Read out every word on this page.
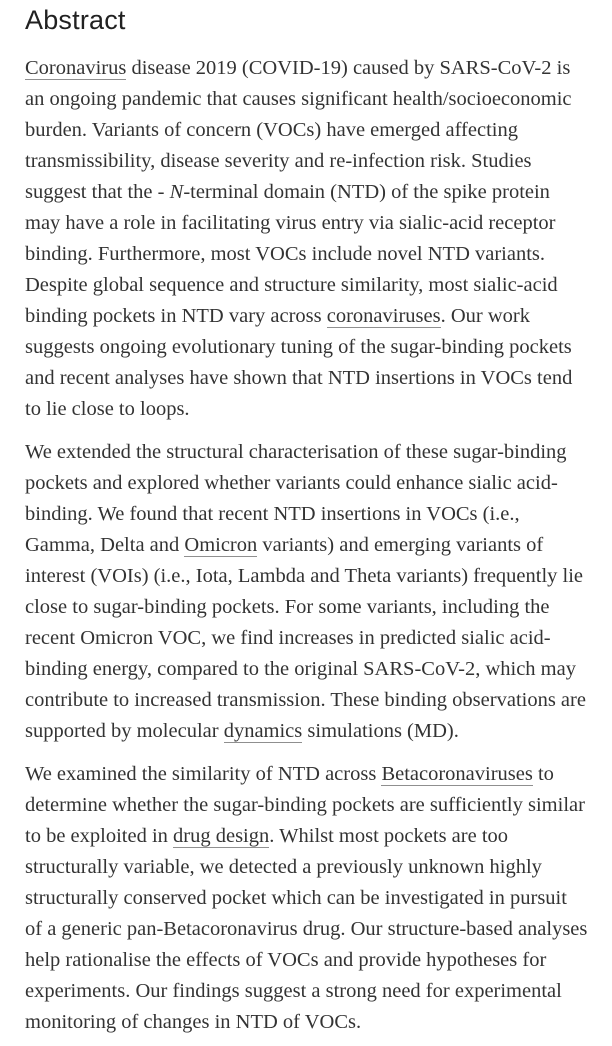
Abstract

Coronavirus disease 2019 (COVID-19) caused by SARS-CoV-2 is an ongoing pandemic that causes significant health/socioeconomic burden. Variants of concern (VOCs) have emerged affecting transmissibility, disease severity and re-infection risk. Studies suggest that the - N-terminal domain (NTD) of the spike protein may have a role in facilitating virus entry via sialic-acid receptor binding. Furthermore, most VOCs include novel NTD variants. Despite global sequence and structure similarity, most sialic-acid binding pockets in NTD vary across coronaviruses. Our work suggests ongoing evolutionary tuning of the sugar-binding pockets and recent analyses have shown that NTD insertions in VOCs tend to lie close to loops.

We extended the structural characterisation of these sugar-binding pockets and explored whether variants could enhance sialic acid-binding. We found that recent NTD insertions in VOCs (i.e., Gamma, Delta and Omicron variants) and emerging variants of interest (VOIs) (i.e., Iota, Lambda and Theta variants) frequently lie close to sugar-binding pockets. For some variants, including the recent Omicron VOC, we find increases in predicted sialic acid-binding energy, compared to the original SARS-CoV-2, which may contribute to increased transmission. These binding observations are supported by molecular dynamics simulations (MD).

We examined the similarity of NTD across Betacoronaviruses to determine whether the sugar-binding pockets are sufficiently similar to be exploited in drug design. Whilst most pockets are too structurally variable, we detected a previously unknown highly structurally conserved pocket which can be investigated in pursuit of a generic pan-Betacoronavirus drug. Our structure-based analyses help rationalise the effects of VOCs and provide hypotheses for experiments. Our findings suggest a strong need for experimental monitoring of changes in NTD of VOCs.
